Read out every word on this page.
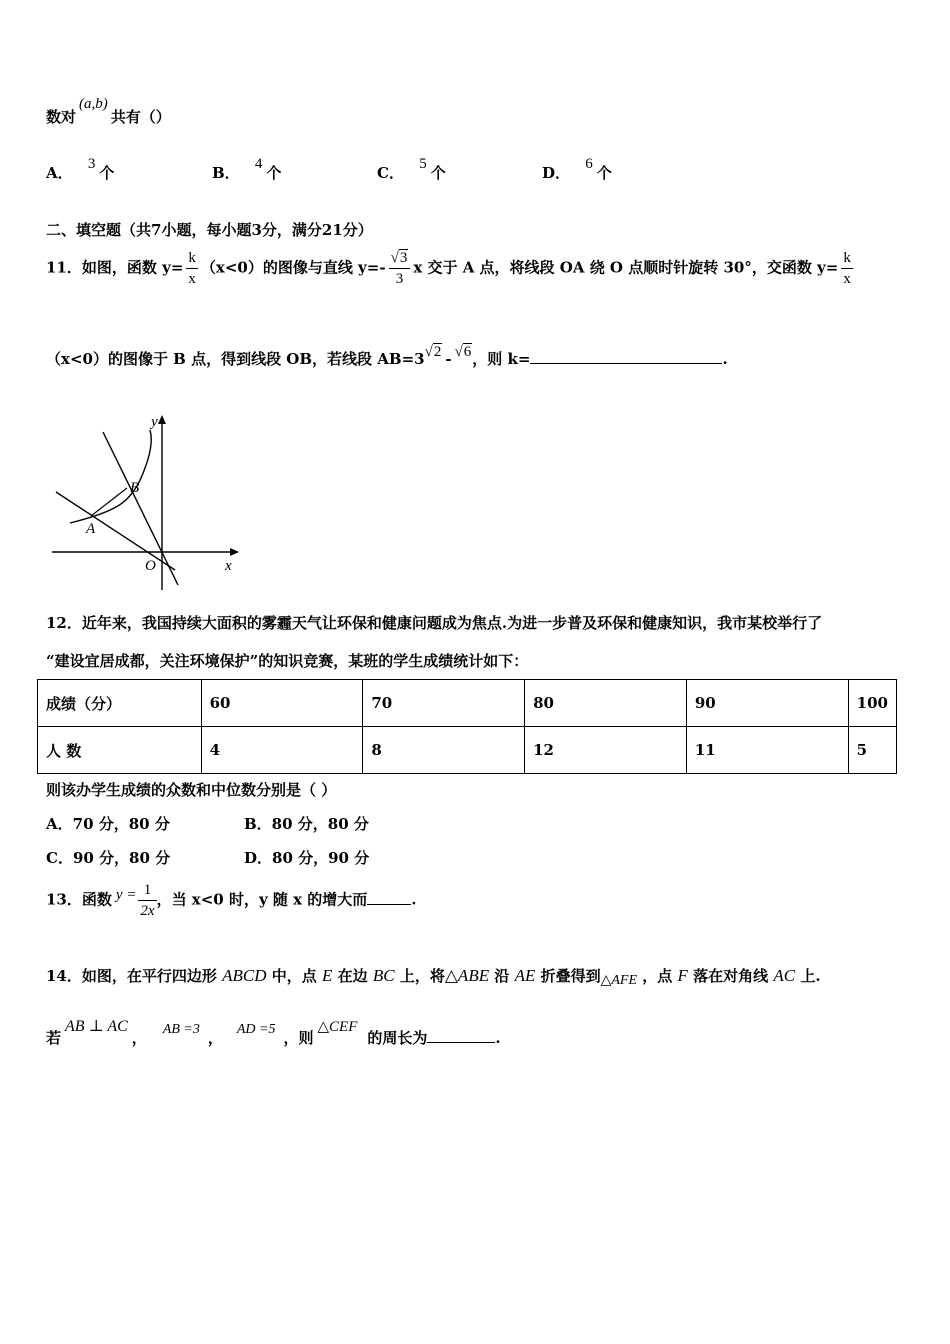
数对(a,b)共有（）
A． 3 个	B． 4 个	C． 5 个	D． 6 个
二、填空题（共7小题，每小题3分，满分21分）
11．如图，函数 $y= \frac{k}{x} (x<0)$的图像与直线 $y=- \frac{√3}{3}$ x 交于 A 点，将线段 OA 绕 O 点顺时针旋转 30°，交函数 $y= \frac{k}{x}$
（x<0）的图像于 B 点，得到线段 OB，若线段 AB=3√2 - √6，则 k=	.
y
x
O
A
B
12．近年来，我国持续大面积的雾霾天气让环保和健康问题成为焦点.为进一步普及环保和健康知识，我市某校举行了
“建设宜居成都，关注环境保护”的知识竞赛，某班的学生成绩统计如下：
成绩（分）	60	70	80	90	100
人 数	4	8	12	11	5
则该办学生成绩的众数和中位数分别是（ ）
A．70 分，80 分	B．80 分，80 分
C．90 分，80 分	D．80 分，90 分
13．函数 $y = \frac{1}{2x}$ ，当 x<0 时，y 随 x 的增大而	.
14．如图，在平行四边形 ABCD 中，点 E 在边 BC 上，将△ABE 沿 AE 折叠得到△AFE ，点 F 落在对角线 AC 上.
若AB ⊥ AC， AB =3 ， AD =5 ，则△CEF的周长为	.
